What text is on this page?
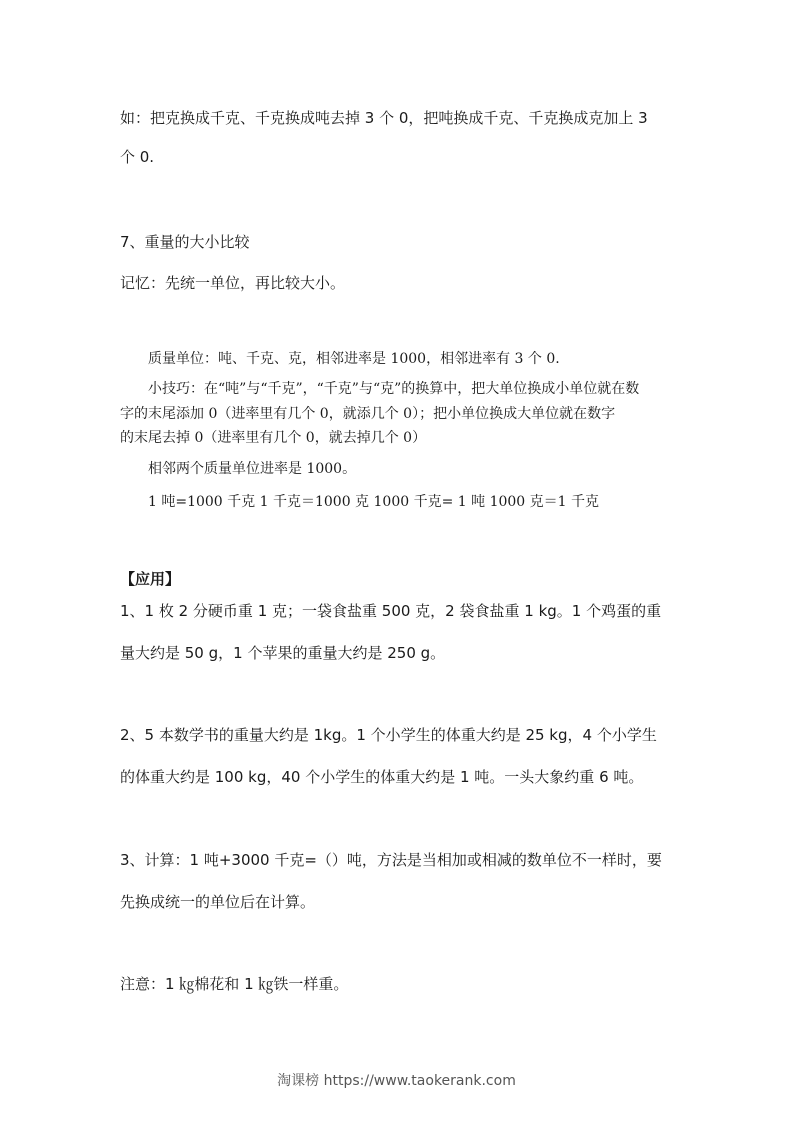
如：把克换成千克、千克换成吨去掉 3 个 0，把吨换成千克、千克换成克加上 3
个 0.
7、重量的大小比较
记忆：先统一单位，再比较大小。
质量单位：吨、千克、克，相邻进率是 1000，相邻进率有 3 个 0.
小技巧：在“吨”与“千克”，“千克”与“克”的换算中，把大单位换成小单位就在数
字的末尾添加 0（进率里有几个 0，就添几个 0）；把小单位换成大单位就在数字
的末尾去掉 0（进率里有几个 0，就去掉几个 0）
相邻两个质量单位进率是 1000。
1 吨=1000 千克 1 千克＝1000 克 1000 千克= 1 吨 1000 克＝1 千克
【应用】
1、1 枚 2 分硬币重 1 克；一袋食盐重 500 克，2 袋食盐重 1 kg。1 个鸡蛋的重
量大约是 50 g，1 个苹果的重量大约是 250 g。
2、5 本数学书的重量大约是 1kg。1 个小学生的体重大约是 25 kg，4 个小学生
的体重大约是 100 kg，40 个小学生的体重大约是 1 吨。一头大象约重 6 吨。
3、计算：1 吨+3000 千克=（）吨，方法是当相加或相减的数单位不一样时，要
先换成统一的单位后在计算。
注意：1 ㎏棉花和 1 ㎏铁一样重。
淘课榜 https://www.taokerank.com
